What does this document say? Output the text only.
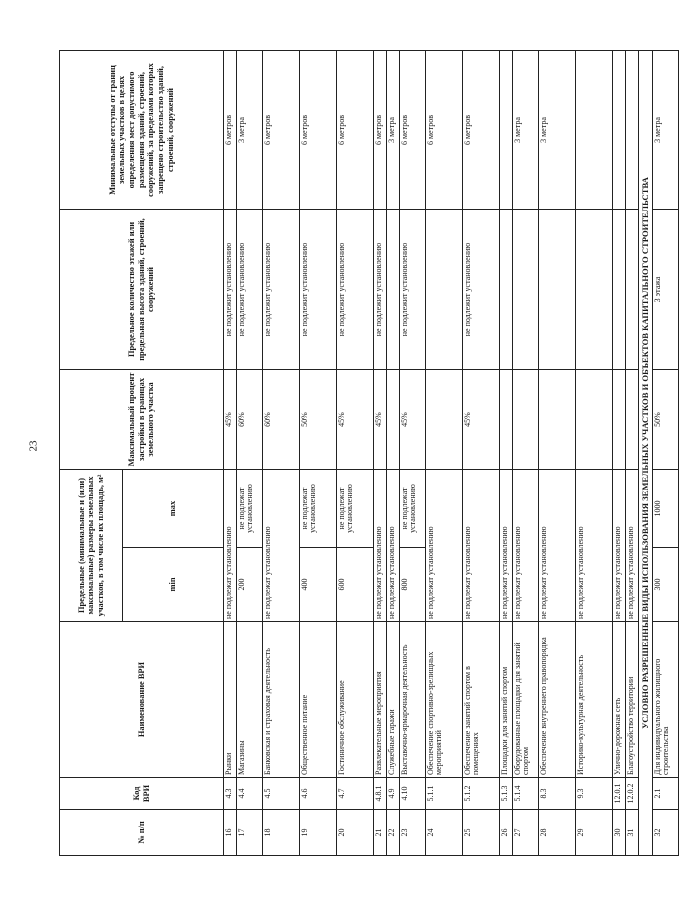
23
№ п/п	Код ВРИ	Наименование ВРИ	Предельные (минимальные и (или) максимальные) размеры земельных участков, в том числе их площадь, м²		Максимальный процент застройки в границах земельного участка	Предельное количество этажей или предельная высота зданий, строений, сооружений	Минимальные отступы от границ земельных участков в целях определения мест допустимого размещения зданий, строений, сооружений, за пределами которых запрещено строительство зданий, строений, сооружений
			min	max			
16	4.3	Рынки	не подлежат установлению		45%	не подлежит установлению	6 метров
17	4.4	Магазины	200	не подлежат установлению	60%	не подлежит установлению	3 метра
18	4.5	Банковская и страховая деятельность	не подлежат установлению		60%	не подлежит установлению	6 метров
19	4.6	Общественное питание	400	не подлежат установлению	50%	не подлежит установлению	6 метров
20	4.7	Гостиничное обслуживание	600	не подлежат установлению	45%	не подлежит установлению	6 метров
21	4.8.1	Развлекательные мероприятия	не подлежат установлению		45%	не подлежит установлению	6 метров
22	4.9	Служебные гаражи	не подлежат установлению				3 метра
23	4.10	Выставочно-ярмарочная деятельность	800	не подлежат установлению	45%	не подлежит установлению	6 метров
24	5.1.1	Обеспечение спортивно-зрелищных мероприятий	не подлежат установлению				6 метров
25	5.1.2	Обеспечение занятий спортом в помещениях	не подлежат установлению		45%	не подлежит установлению	6 метров
26	5.1.3	Площадки для занятий спортом	не подлежат установлению				
27	5.1.4	Оборудованные площадки для занятий спортом	не подлежат установлению				3 метра
28	8.3	Обеспечение внутреннего правопорядка	не подлежат установлению				3 метра
29	9.3	Историко-культурная деятельность	не подлежат установлению				
30	12.0.1	Улично-дорожная сеть	не подлежат установлению				
31	12.0.2	Благоустройство территории	не подлежат установлению				
УСЛОВНО РАЗРЕШЕННЫЕ ВИДЫ ИСПОЛЬЗОВАНИЯ ЗЕМЕЛЬНЫХ УЧАСТКОВ И ОБЪЕКТОВ КАПИТАЛЬНОГО СТРОИТЕЛЬСТВА							
32	2.1	Для индивидуального жилищного строительства	300	1000	50%	3 этажа	3 метра
